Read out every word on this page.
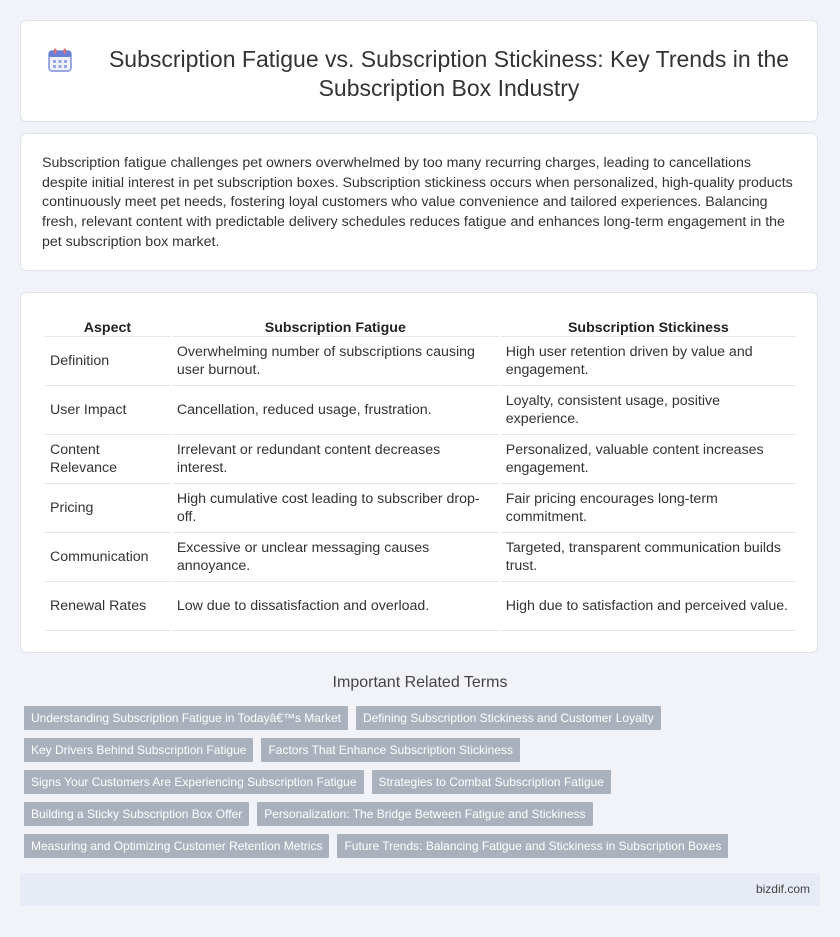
Subscription Fatigue vs. Subscription Stickiness: Key Trends in the Subscription Box Industry

Subscription fatigue challenges pet owners overwhelmed by too many recurring charges, leading to cancellations despite initial interest in pet subscription boxes. Subscription stickiness occurs when personalized, high-quality products continuously meet pet needs, fostering loyal customers who value convenience and tailored experiences. Balancing fresh, relevant content with predictable delivery schedules reduces fatigue and enhances long-term engagement in the pet subscription box market.

Aspect	Subscription Fatigue	Subscription Stickiness
Definition	Overwhelming number of subscriptions causing user burnout.	High user retention driven by value and engagement.
User Impact	Cancellation, reduced usage, frustration.	Loyalty, consistent usage, positive experience.
Content Relevance	Irrelevant or redundant content decreases interest.	Personalized, valuable content increases engagement.
Pricing	High cumulative cost leading to subscriber drop-off.	Fair pricing encourages long-term commitment.
Communication	Excessive or unclear messaging causes annoyance.	Targeted, transparent communication builds trust.
Renewal Rates	Low due to dissatisfaction and overload.	High due to satisfaction and perceived value.
Important Related Terms
Understanding Subscription Fatigue in Todayâ€™s Market	Defining Subscription Stickiness and Customer Loyalty
Key Drivers Behind Subscription Fatigue	Factors That Enhance Subscription Stickiness
Signs Your Customers Are Experiencing Subscription Fatigue	Strategies to Combat Subscription Fatigue
Building a Sticky Subscription Box Offer	Personalization: The Bridge Between Fatigue and Stickiness
Measuring and Optimizing Customer Retention Metrics	Future Trends: Balancing Fatigue and Stickiness in Subscription Boxes
bizdif.com
